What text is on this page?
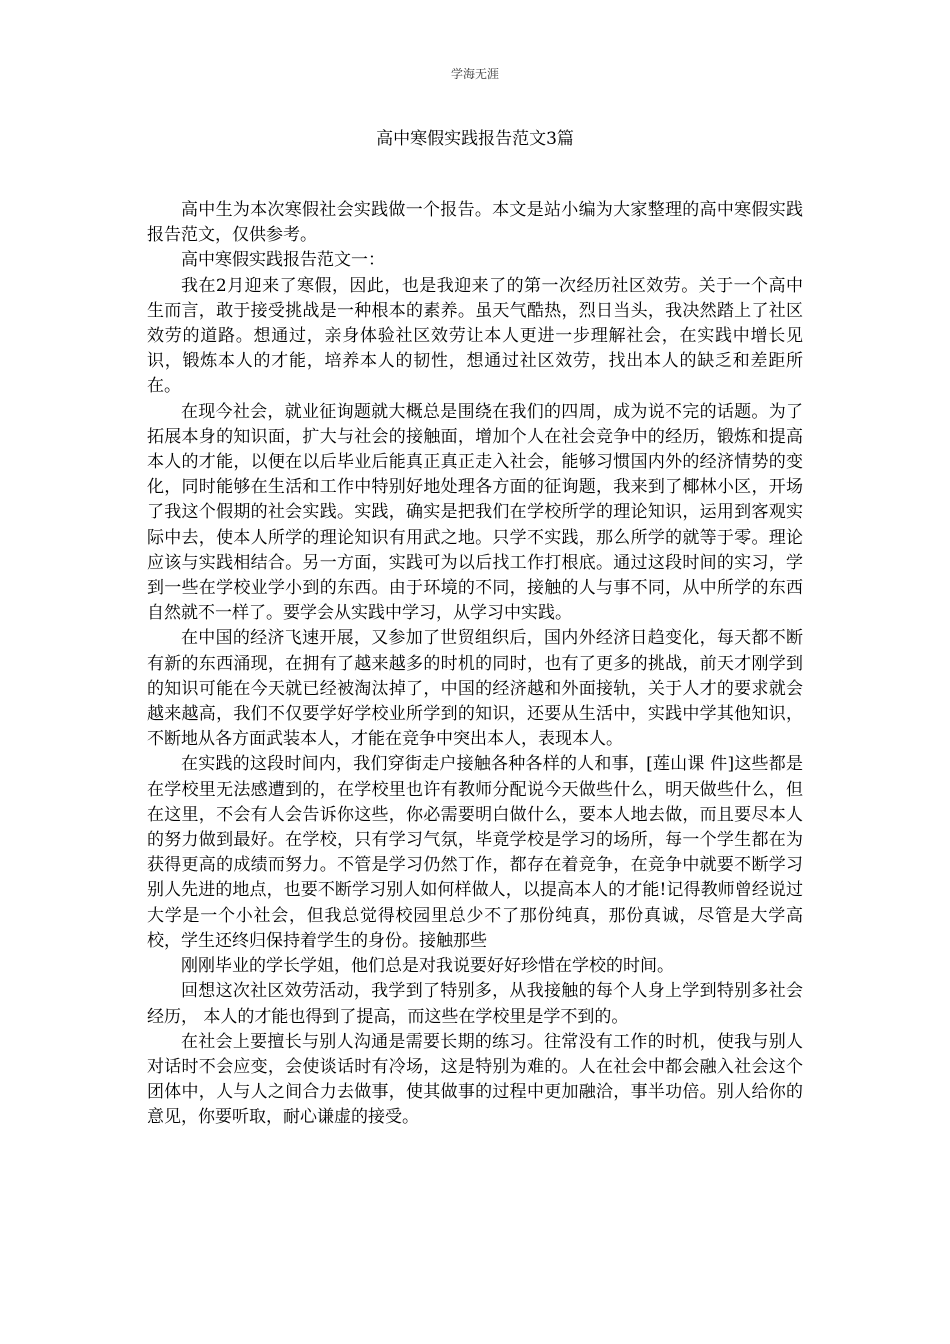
学海无涯
高中寒假实践报告范文3篇

高中生为本次寒假社会实践做一个报告。本文是站小编为大家整理的高中寒假实践报告范文，仅供参考。

高中寒假实践报告范文一：

我在2月迎来了寒假，因此，也是我迎来了的第一次经历社区效劳。关于一个高中生而言，敢于接受挑战是一种根本的素养。虽天气酷热，烈日当头，我决然踏上了社区效劳的道路。想通过，亲身体验社区效劳让本人更进一步理解社会，在实践中增长见识，锻炼本人的才能，培养本人的韧性，想通过社区效劳，找出本人的缺乏和差距所在。

在现今社会，就业征询题就大概总是围绕在我们的四周，成为说不完的话题。为了拓展本身的知识面，扩大与社会的接触面，增加个人在社会竞争中的经历，锻炼和提高本人的才能，以便在以后毕业后能真正真正走入社会，能够习惯国内外的经济情势的变化，同时能够在生活和工作中特别好地处理各方面的征询题，我来到了椰林小区，开场了我这个假期的社会实践。实践，确实是把我们在学校所学的理论知识，运用到客观实际中去，使本人所学的理论知识有用武之地。只学不实践，那么所学的就等于零。理论应该与实践相结合。另一方面，实践可为以后找工作打根底。通过这段时间的实习，学到一些在学校业学小到的东西。由于环境的不同，接触的人与事不同，从中所学的东西自然就不一样了。要学会从实践中学习，从学习中实践。

在中国的经济飞速开展，又参加了世贸组织后，国内外经济日趋变化，每天都不断有新的东西涌现，在拥有了越来越多的时机的同时，也有了更多的挑战，前天才刚学到的知识可能在今天就已经被淘汰掉了，中国的经济越和外面接轨，关于人才的要求就会越来越高，我们不仅要学好学校业所学到的知识，还要从生活中，实践中学其他知识，不断地从各方面武装本人，才能在竞争中突出本人，表现本人。

在实践的这段时间内，我们穿街走户接触各种各样的人和事，[莲山课 件]这些都是在学校里无法感遭到的，在学校里也许有教师分配说今天做些什么，明天做些什么，但在这里，不会有人会告诉你这些，你必需要明白做什么，要本人地去做，而且要尽本人的努力做到最好。在学校，只有学习气氛，毕竟学校是学习的场所，每一个学生都在为获得更高的成绩而努力。不管是学习仍然丁作，都存在着竞争，在竞争中就要不断学习别人先进的地点，也要不断学习别人如何样做人，以提高本人的才能!记得教师曾经说过大学是一个小社会，但我总觉得校园里总少不了那份纯真，那份真诚，尽管是大学高校，学生还终归保持着学生的身份。接触那些

刚刚毕业的学长学姐，他们总是对我说要好好珍惜在学校的时间。

回想这次社区效劳活动，我学到了特别多，从我接触的每个人身上学到特别多社会经历， 本人的才能也得到了提高，而这些在学校里是学不到的。

在社会上要擅长与别人沟通是需要长期的练习。往常没有工作的时机，使我与别人对话时不会应变，会使谈话时有冷场，这是特别为难的。人在社会中都会融入社会这个团体中，人与人之间合力去做事，使其做事的过程中更加融洽，事半功倍。别人给你的意见，你要听取，耐心谦虚的接受。
